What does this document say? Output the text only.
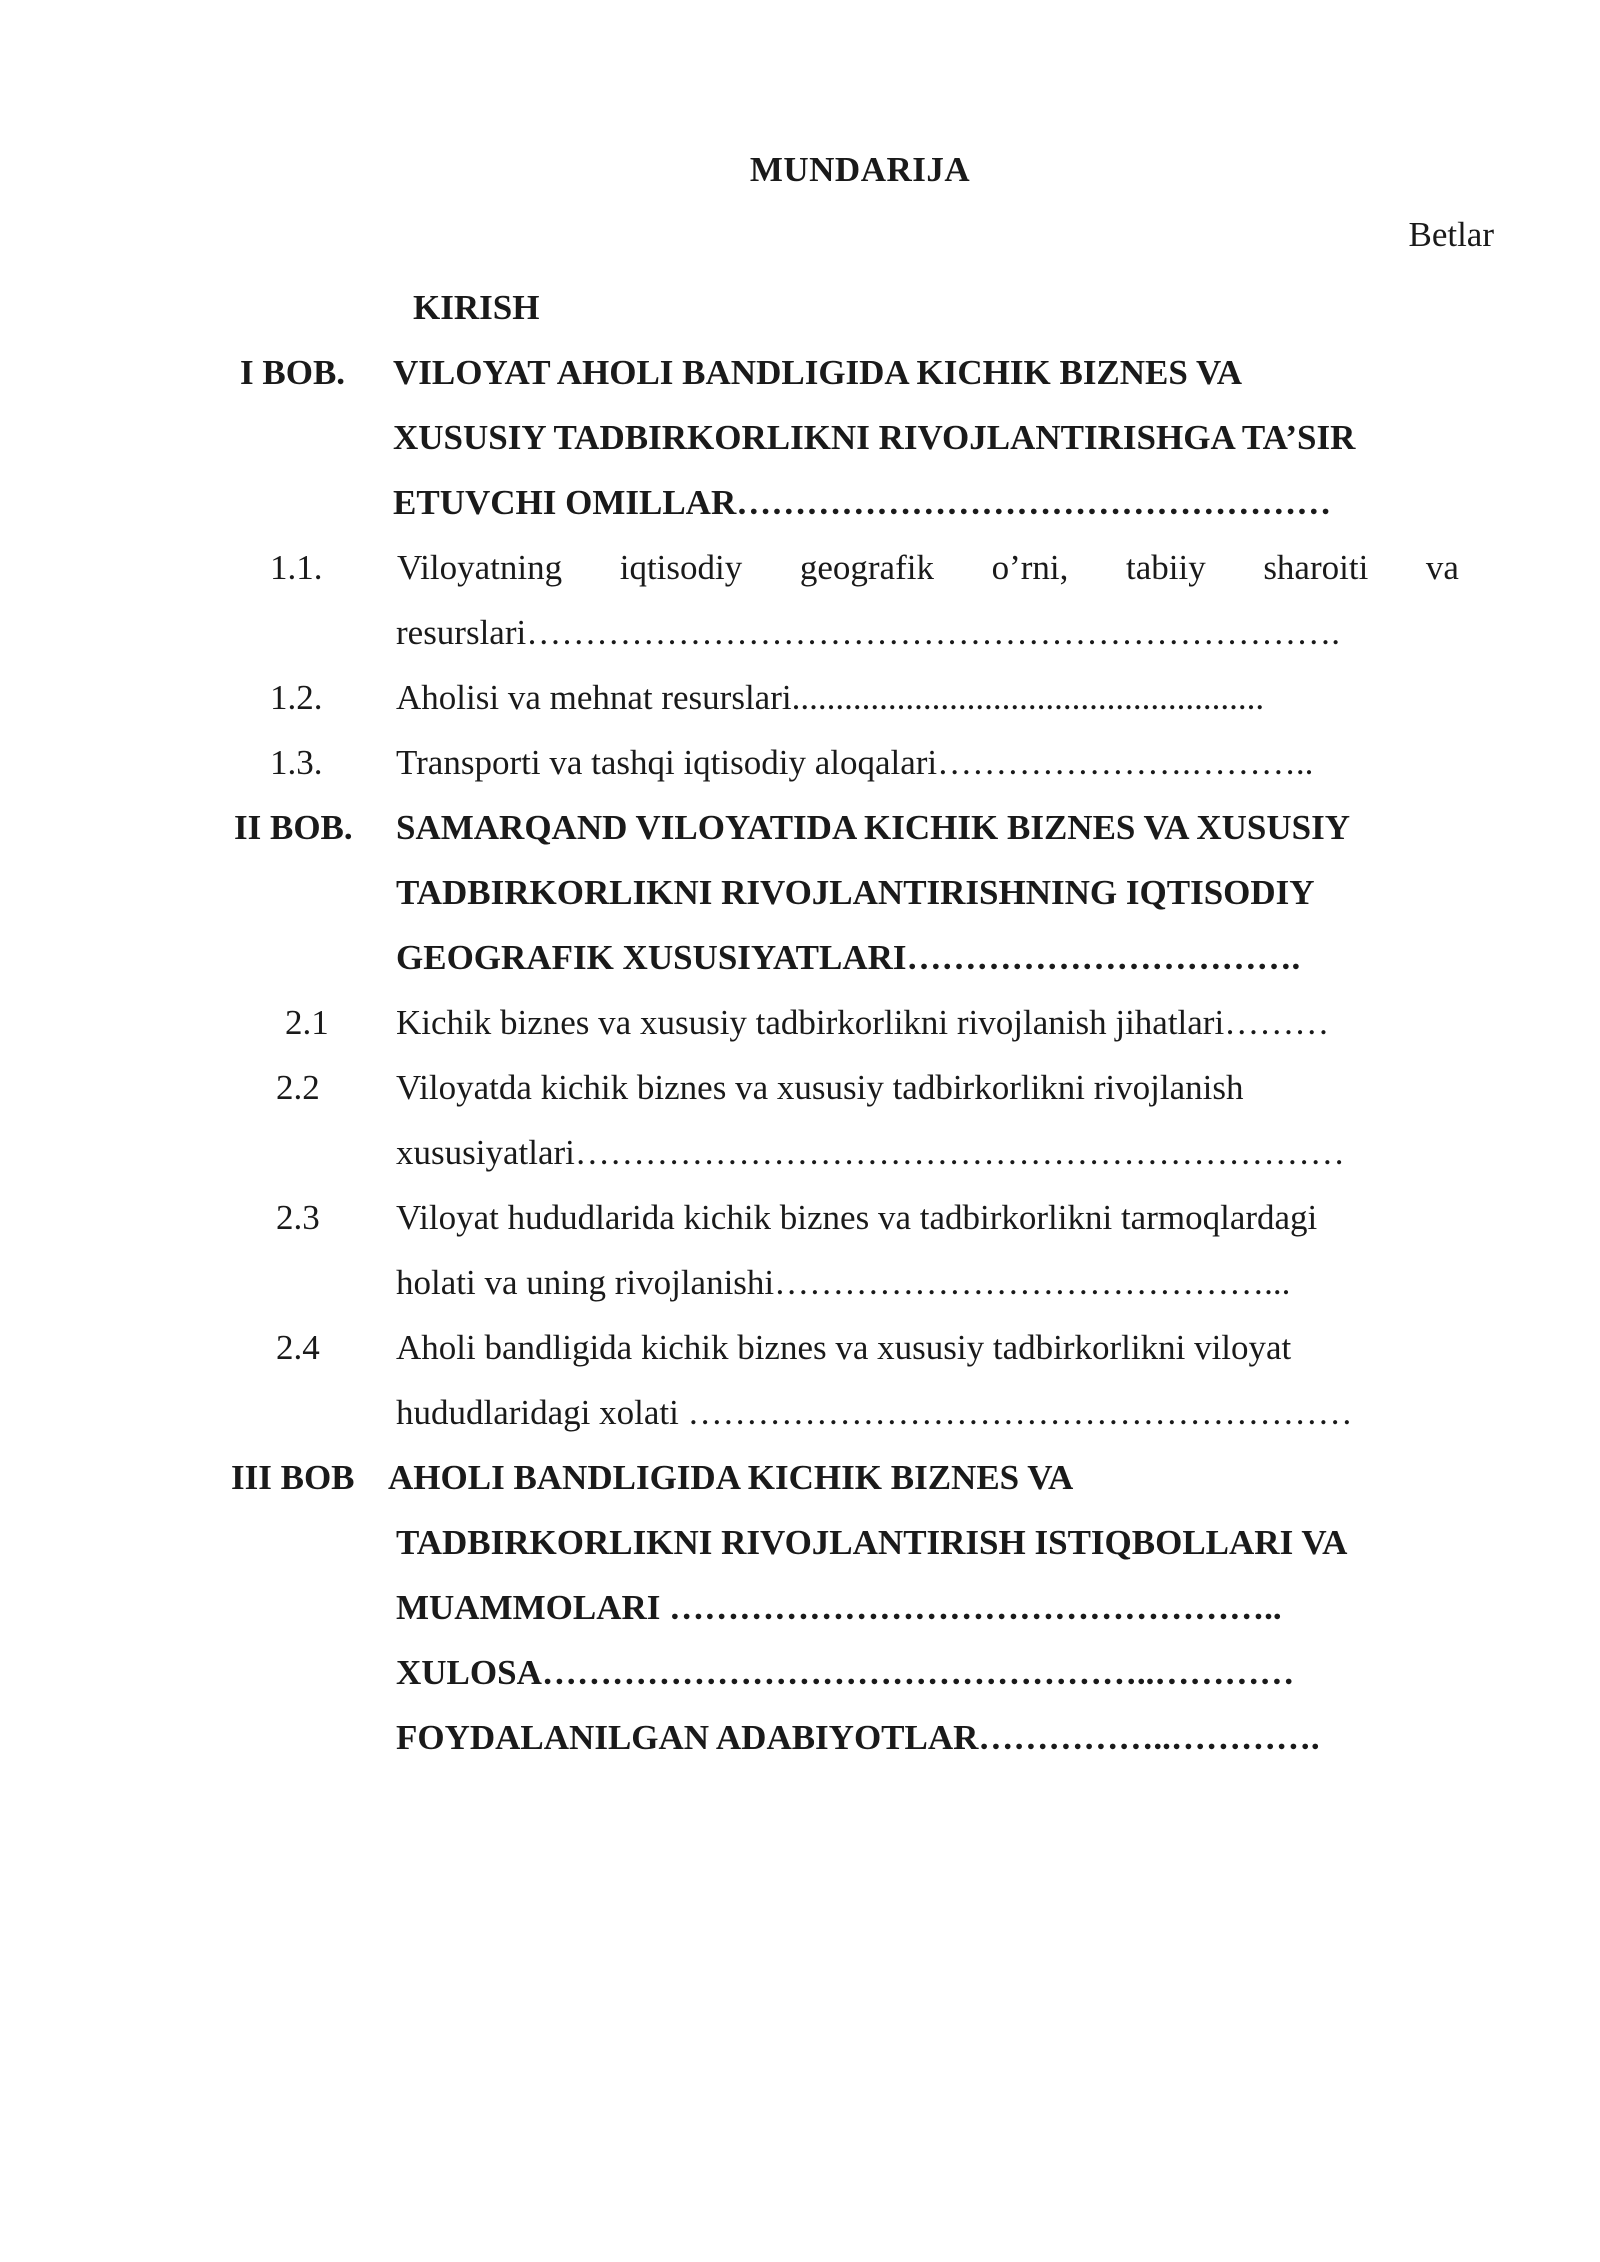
MUNDARIJA
Betlar
KIRISH
I BOB. VILOYAT AHOLI BANDLIGIDA KICHIK BIZNES VA
XUSUSIY TADBIRKORLIKNI RIVOJLANTIRISHGA TA’SIR
ETUVCHI OMILLAR……………………………………………
1.1. Viloyatning iqtisodiy geografik o’rni, tabiiy sharoiti va
resurslari…………………………………………………………….
1.2. Aholisi va mehnat resurslari......................................................
1.3. Transporti va tashqi iqtisodiy aloqalari………………….………..
II BOB. SAMARQAND VILOYATIDA KICHIK BIZNES VA XUSUSIY
TADBIRKORLIKNI RIVOJLANTIRISHNING IQTISODIY
GEOGRAFIK XUSUSIYATLARI…………………………….
2.1 Kichik biznes va xususiy tadbirkorlikni rivojlanish jihatlari………
2.2 Viloyatda kichik biznes va xususiy tadbirkorlikni rivojlanish
xususiyatlari…………………………………………………………
2.3 Viloyat hududlarida kichik biznes va tadbirkorlikni tarmoqlardagi
holati va uning rivojlanishi……………………………………...
2.4 Aholi bandligida kichik biznes va xususiy tadbirkorlikni viloyat
hududlaridagi xolati …………………………………………………
III BOB AHOLI BANDLIGIDA KICHIK BIZNES VA
TADBIRKORLIKNI RIVOJLANTIRISH ISTIQBOLLARI VA
MUAMMOLARI ……………………………………………..
XULOSA……………………………………………..…………
FOYDALANILGAN ADABIYOTLAR……………..………….
